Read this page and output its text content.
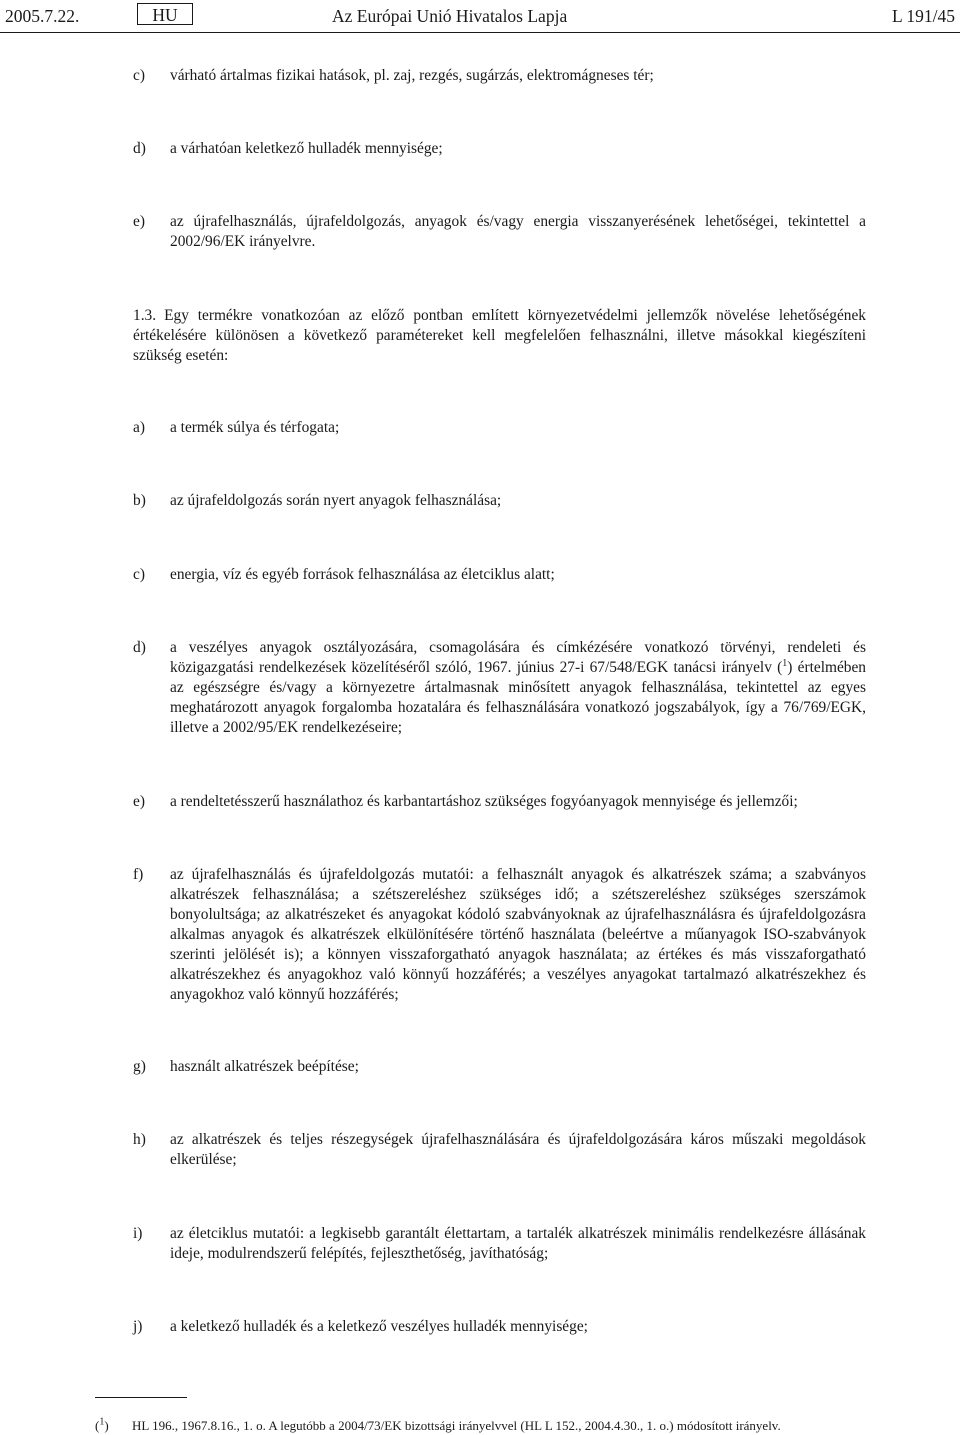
2005.7.22.	HU	Az Európai Unió Hivatalos Lapja	L 191/45
c) várható ártalmas fizikai hatások, pl. zaj, rezgés, sugárzás, elektromágneses tér;
d) a várhatóan keletkező hulladék mennyisége;
e) az újrafelhasználás, újrafeldolgozás, anyagok és/vagy energia visszanyerésének lehetőségei, tekintettel a 2002/96/EK irányelvre.
1.3. Egy termékre vonatkozóan az előző pontban említett környezetvédelmi jellemzők növelése lehetőségének értékelésére különösen a következő paramétereket kell megfelelően felhasználni, illetve másokkal kiegészíteni szükség esetén:
a) a termék súlya és térfogata;
b) az újrafeldolgozás során nyert anyagok felhasználása;
c) energia, víz és egyéb források felhasználása az életciklus alatt;
d) a veszélyes anyagok osztályozására, csomagolására és címkézésére vonatkozó törvényi, rendeleti és közigazgatási rendelkezések közelítéséről szóló, 1967. június 27-i 67/548/EGK tanácsi irányelv ($^1$) értelmében az egészségre és/vagy a környezetre ártalmasnak minősített anyagok felhasználása, tekintettel az egyes meghatározott anyagok forgalomba hozatalára és felhasználására vonatkozó jogszabályok, így a 76/769/EGK, illetve a 2002/95/EK rendelkezéseire;
e) a rendeltetésszerű használathoz és karbantartáshoz szükséges fogyóanyagok mennyisége és jellemzői;
f) az újrafelhasználás és újrafeldolgozás mutatói: a felhasznált anyagok és alkatrészek száma; a szabványos alkatrészek felhasználása; a szétszereléshez szükséges idő; a szétszereléshez szükséges szerszámok bonyolultsága; az alkatrészeket és anyagokat kódoló szabványoknak az újrafelhasználásra és újrafeldolgozásra alkalmas anyagok és alkatrészek elkülönítésére történő használata (beleértve a műanyagok ISO-szabványok szerinti jelölését is); a könnyen visszaforgatható anyagok használata; az értékes és más visszaforgatható alkatrészekhez és anyagokhoz való könnyű hozzáférés; a veszélyes anyagokat tartalmazó alkatrészekhez és anyagokhoz való könnyű hozzáférés;
g) használt alkatrészek beépítése;
h) az alkatrészek és teljes részegységek újrafelhasználására és újrafeldolgozására káros műszaki megoldások elkerülése;
i) az életciklus mutatói: a legkisebb garantált élettartam, a tartalék alkatrészek minimális rendelkezésre állásának ideje, modulrendszerű felépítés, fejleszthetőség, javíthatóság;
j) a keletkező hulladék és a keletkező veszélyes hulladék mennyisége;
($^1$) HL 196., 1967.8.16., 1. o. A legutóbb a 2004/73/EK bizottsági irányelvvel (HL L 152., 2004.4.30., 1. o.) módosított irányelv.
